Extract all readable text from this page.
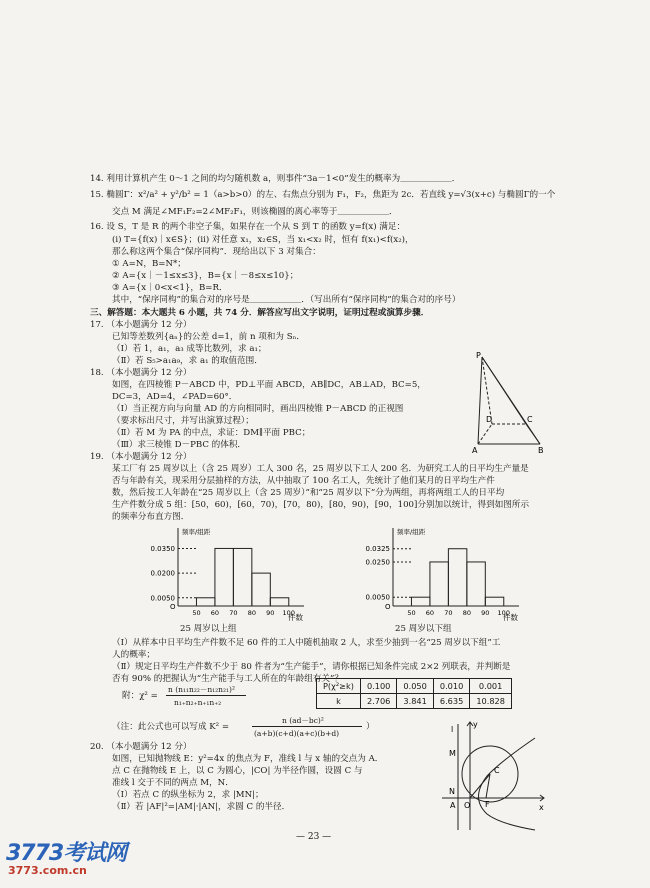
14. 利用计算机产生 0～1 之间的均匀随机数 a，则事件“3a－1<0”发生的概率为＿＿＿＿＿＿．
15. 椭圆Γ：x²/a² + y²/b² = 1（a>b>0）的左、右焦点分别为 F₁，F₂，焦距为 2c．若直线 y=√3(x+c) 与椭圆Γ的一个
交点 M 满足∠MF₁F₂=2∠MF₂F₁，则该椭圆的离心率等于＿＿＿＿＿＿．
16. 设 S，T 是 R 的两个非空子集，如果存在一个从 S 到 T 的函数 y=f(x) 满足：
(i) T={f(x)｜x∈S}；(ii) 对任意 x₁，x₂∈S，当 x₁<x₂ 时，恒有 f(x₁)<f(x₂)，
那么称这两个集合“保序同构”．现给出以下 3 对集合：
① A=N，B=N*；
② A={x｜－1≤x≤3}，B={x｜－8≤x≤10}；
③ A={x｜0<x<1}，B=R．
其中，“保序同构”的集合对的序号是＿＿＿＿＿＿．（写出所有“保序同构”的集合对的序号）
三、解答题：本大题共 6 小题，共 74 分．解答应写出文字说明，证明过程或演算步骤．
17. （本小题满分 12 分）
已知等差数列{aₙ}的公差 d=1，前 n 项和为 Sₙ．
（Ⅰ）若 1，a₁，a₃ 成等比数列，求 a₁；
（Ⅱ）若 S₅>a₁a₉，求 a₁ 的取值范围．
18. （本小题满分 12 分）
如图，在四棱锥 P－ABCD 中，PD⊥平面 ABCD，AB∥DC，AB⊥AD，BC=5，
DC=3，AD=4，∠PAD=60°．
（Ⅰ）当正视方向与向量 AD 的方向相同时，画出四棱锥 P－ABCD 的正视图
（要求标出尺寸，并写出演算过程）；
（Ⅱ）若 M 为 PA 的中点，求证：DM∥平面 PBC；
（Ⅲ）求三棱锥 D－PBC 的体积．
P
A	B
C
D
19. （本小题满分 12 分）
某工厂有 25 周岁以上（含 25 周岁）工人 300 名，25 周岁以下工人 200 名．为研究工人的日平均生产量是
否与年龄有关，现采用分层抽样的方法，从中抽取了 100 名工人，先统计了他们某月的日平均生产件
数，然后按工人年龄在“25 周岁以上（含 25 周岁）”和“25 周岁以下”分为两组，再将两组工人的日平均
生产件数分成 5 组：[50，60)，[60，70)，[70，80)，[80，90)，[90，100]分别加以统计，得到如图所示
的频率分布直方图．
O
频率/组距
件数
0.0350
0.0200
0.0050
50 60 70 80 90 100
O
频率/组距
件数
0.0325
0.0250
0.0050
50 60 70 80 90 100
25 周岁以上组	25 周岁以下组
（Ⅰ）从样本中日平均生产件数不足 60 件的工人中随机抽取 2 人，求至少抽到一名“25 周岁以下组”工
人的概率；
（Ⅱ）规定日平均生产件数不少于 80 件者为“生产能手”，请你根据已知条件完成 2×2 列联表，并判断是
否有 90% 的把握认为“生产能手与工人所在的年龄组有关”？
附：χ² =
n (n₁₁n₂₂－n₁₂n₂₁)²
n₁₊n₂₊n₊₁n₊₂
P(χ²≥k)	0.100	0.050	0.010	0.001
k	2.706	3.841	6.635	10.828
（注：此公式也可以写成 K² =
n (ad－bc)²
(a+b)(c+d)(a+c)(b+d)
）
20. （本小题满分 12 分）
如图，已知抛物线 E：y²=4x 的焦点为 F，准线 l 与 x 轴的交点为 A．
点 C 在抛物线 E 上，以 C 为圆心，|CO| 为半径作圆，设圆 C 与
准线 l 交于不同的两点 M，N．
（Ⅰ）若点 C 的纵坐标为 2，求 |MN|；
（Ⅱ）若 |AF|²=|AM|·|AN|，求圆 C 的半径．
y
x
l
M
N
A O F
C
— 23 —
3773考试网
3773.com.cn
